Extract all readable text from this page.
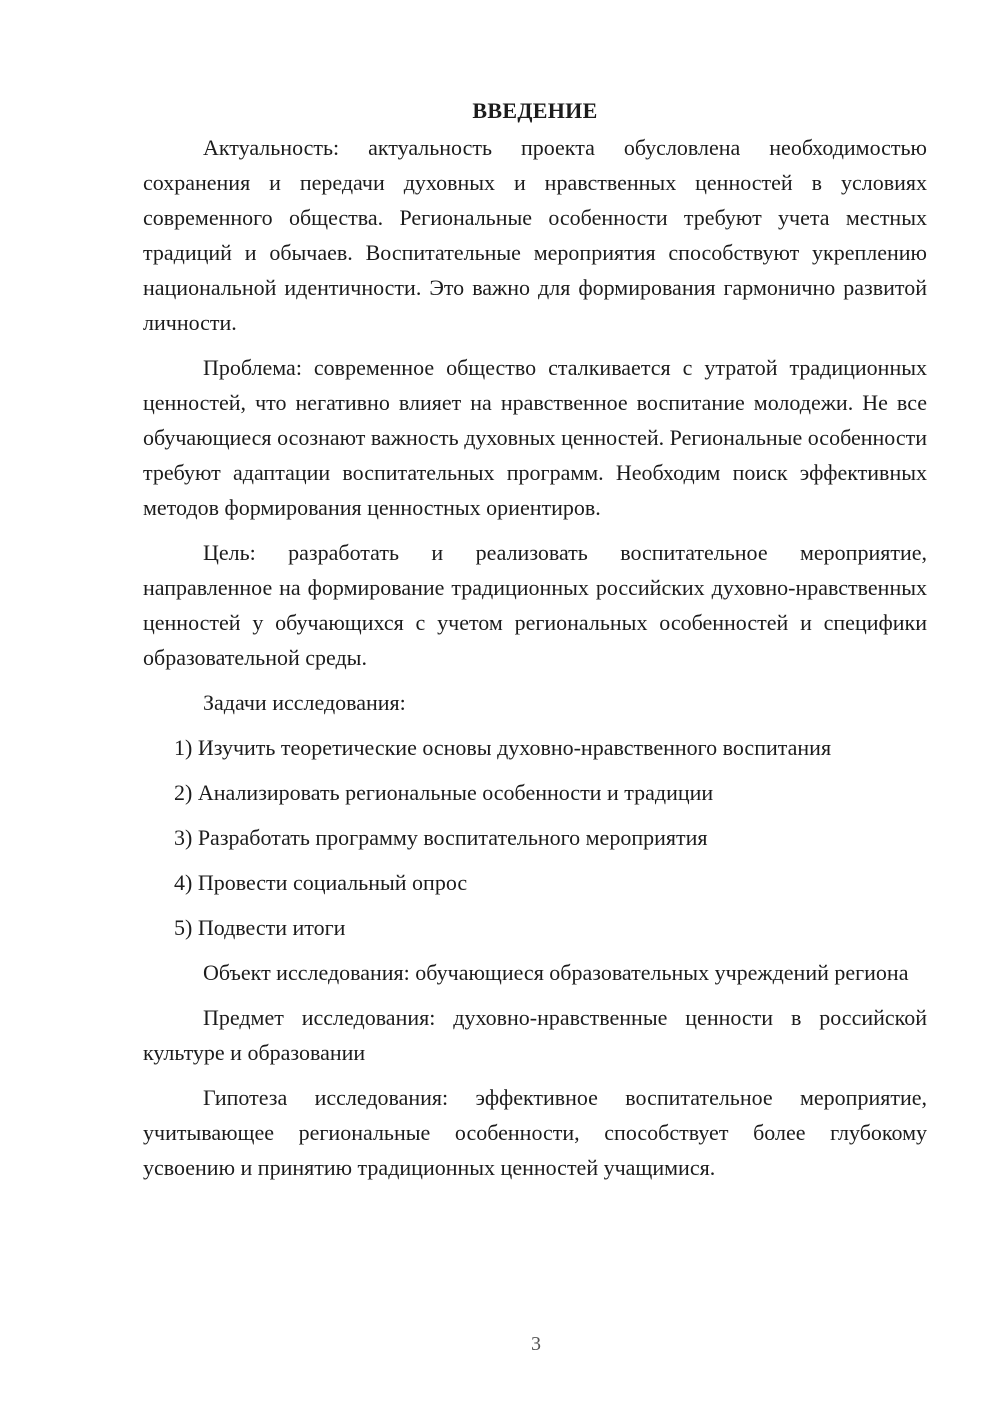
ВВЕДЕНИЕ

Актуальность: актуальность проекта обусловлена необходимостью сохранения и передачи духовных и нравственных ценностей в условиях современного общества. Региональные особенности требуют учета местных традиций и обычаев. Воспитательные мероприятия способствуют укреплению национальной идентичности. Это важно для формирования гармонично развитой личности.

Проблема: современное общество сталкивается с утратой традиционных ценностей, что негативно влияет на нравственное воспитание молодежи. Не все обучающиеся осознают важность духовных ценностей. Региональные особенности требуют адаптации воспитательных программ. Необходим поиск эффективных методов формирования ценностных ориентиров.

Цель: разработать и реализовать воспитательное мероприятие, направленное на формирование традиционных российских духовно-нравственных ценностей у обучающихся с учетом региональных особенностей и специфики образовательной среды.

Задачи исследования:

1) Изучить теоретические основы духовно-нравственного воспитания
2) Анализировать региональные особенности и традиции
3) Разработать программу воспитательного мероприятия
4) Провести социальный опрос
5) Подвести итоги

Объект исследования: обучающиеся образовательных учреждений региона

Предмет исследования: духовно-нравственные ценности в российской культуре и образовании

Гипотеза исследования: эффективное воспитательное мероприятие, учитывающее региональные особенности, способствует более глубокому усвоению и принятию традиционных ценностей учащимися.

3
